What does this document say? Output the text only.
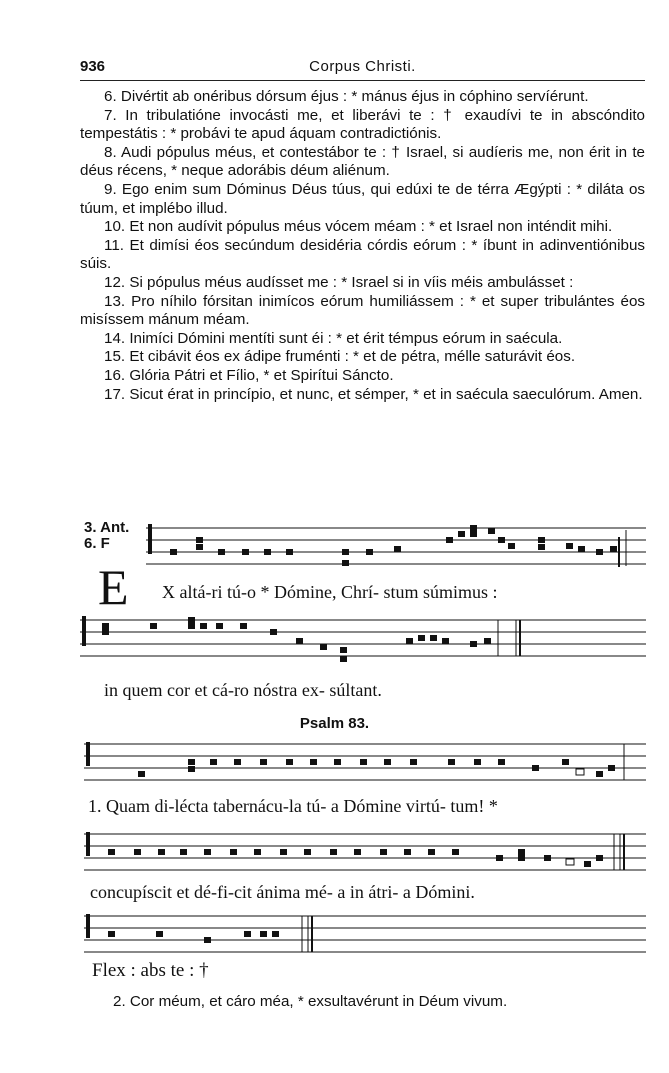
936	Corpus Christi.

6. Divértit ab onéribus dórsum éjus : * mánus éjus in cóphino servíérunt.

7. In tribulatióne invocásti me, et liberávi te : † exaudívi te in abscóndito tempestátis : * probávi te apud áquam contradictiónis.

8. Audi pópulus méus, et contestábor te : † Israel, si audíeris me, non érit in te déus récens, * neque adorábis déum aliénum.

9. Ego enim sum Dóminus Déus túus, qui edúxi te de térra Ægýpti : * diláta os túum, et implébo illud.

10. Et non audívit pópulus méus vócem méam : * et Israel non inténdit mihi.

11. Et dimísi éos secúndum desidéria córdis eórum : * íbunt in adinventiónibus súis.

12. Si pópulus méus audísset me : * Israel si in víis méis ambulásset :

13. Pro níhilo fórsitan inimícos eórum humiliássem : * et super tribulántes éos misíssem mánum méam.

14. Inimíci Dómini mentíti sunt éi : * et érit témpus eórum in saécula.

15. Et cibávit éos ex ádipe fruménti : * et de pétra, mélle saturávit éos.

16. Glória Pátri et Fílio, * et Spirítui Sáncto.

17. Sicut érat in princípio, et nunc, et sémper, * et in saécula saeculórum. Amen.

3. Ant.
6. F
E X altá-ri tú-o * Dómine, Chrí- stum súmimus :
in quem cor et cá-ro nóstra ex- súltant.
Psalm 83.
1. Quam di-lécta tabernácu-la tú- a Dómine virtú- tum! *
concupíscit et dé-fi-cit ánima mé- a in átri- a Dómini.
Flex : abs te : †
2. Cor méum, et cáro méa, * exsultavérunt in Déum vivum.
